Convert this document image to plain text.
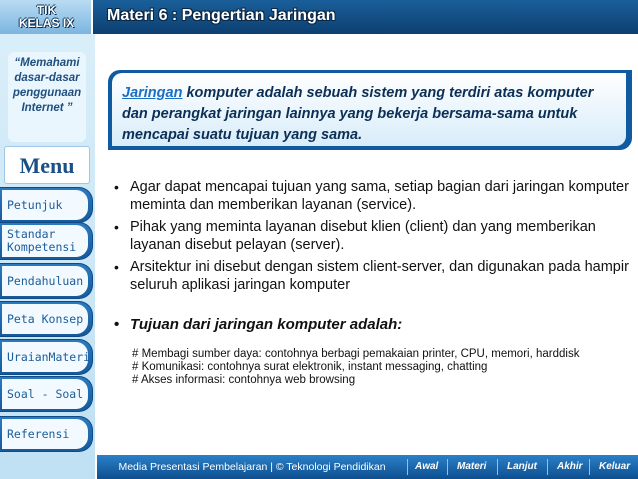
TIK
KELAS IX	Materi 6 : Pengertian Jaringan
“Memahami
dasar-dasar
penggunaan
Internet ”
Menu
Petunjuk
Standar
Kompetensi
Pendahuluan
Peta Konsep
UraianMateri
Soal - Soal
Referensi

Jaringan komputer adalah sebuah sistem yang terdiri atas komputer dan perangkat jaringan lainnya yang bekerja bersama-sama untuk mencapai suatu tujuan yang sama.

• Agar dapat mencapai tujuan yang sama, setiap bagian dari jaringan komputer meminta dan memberikan layanan (service).
• Pihak yang meminta layanan disebut klien (client) dan yang memberikan layanan disebut pelayan (server).
• Arsitektur ini disebut dengan sistem client-server, dan digunakan pada hampir seluruh aplikasi jaringan komputer
• Tujuan dari jaringan komputer adalah:
# Membagi sumber daya: contohnya berbagi pemakaian printer, CPU, memori, harddisk
# Komunikasi: contohnya surat elektronik, instant messaging, chatting
# Akses informasi: contohnya web browsing
Media Presentasi Pembelajaran | © Teknologi Pendidikan	Awal Materi Lanjut Akhir Keluar
